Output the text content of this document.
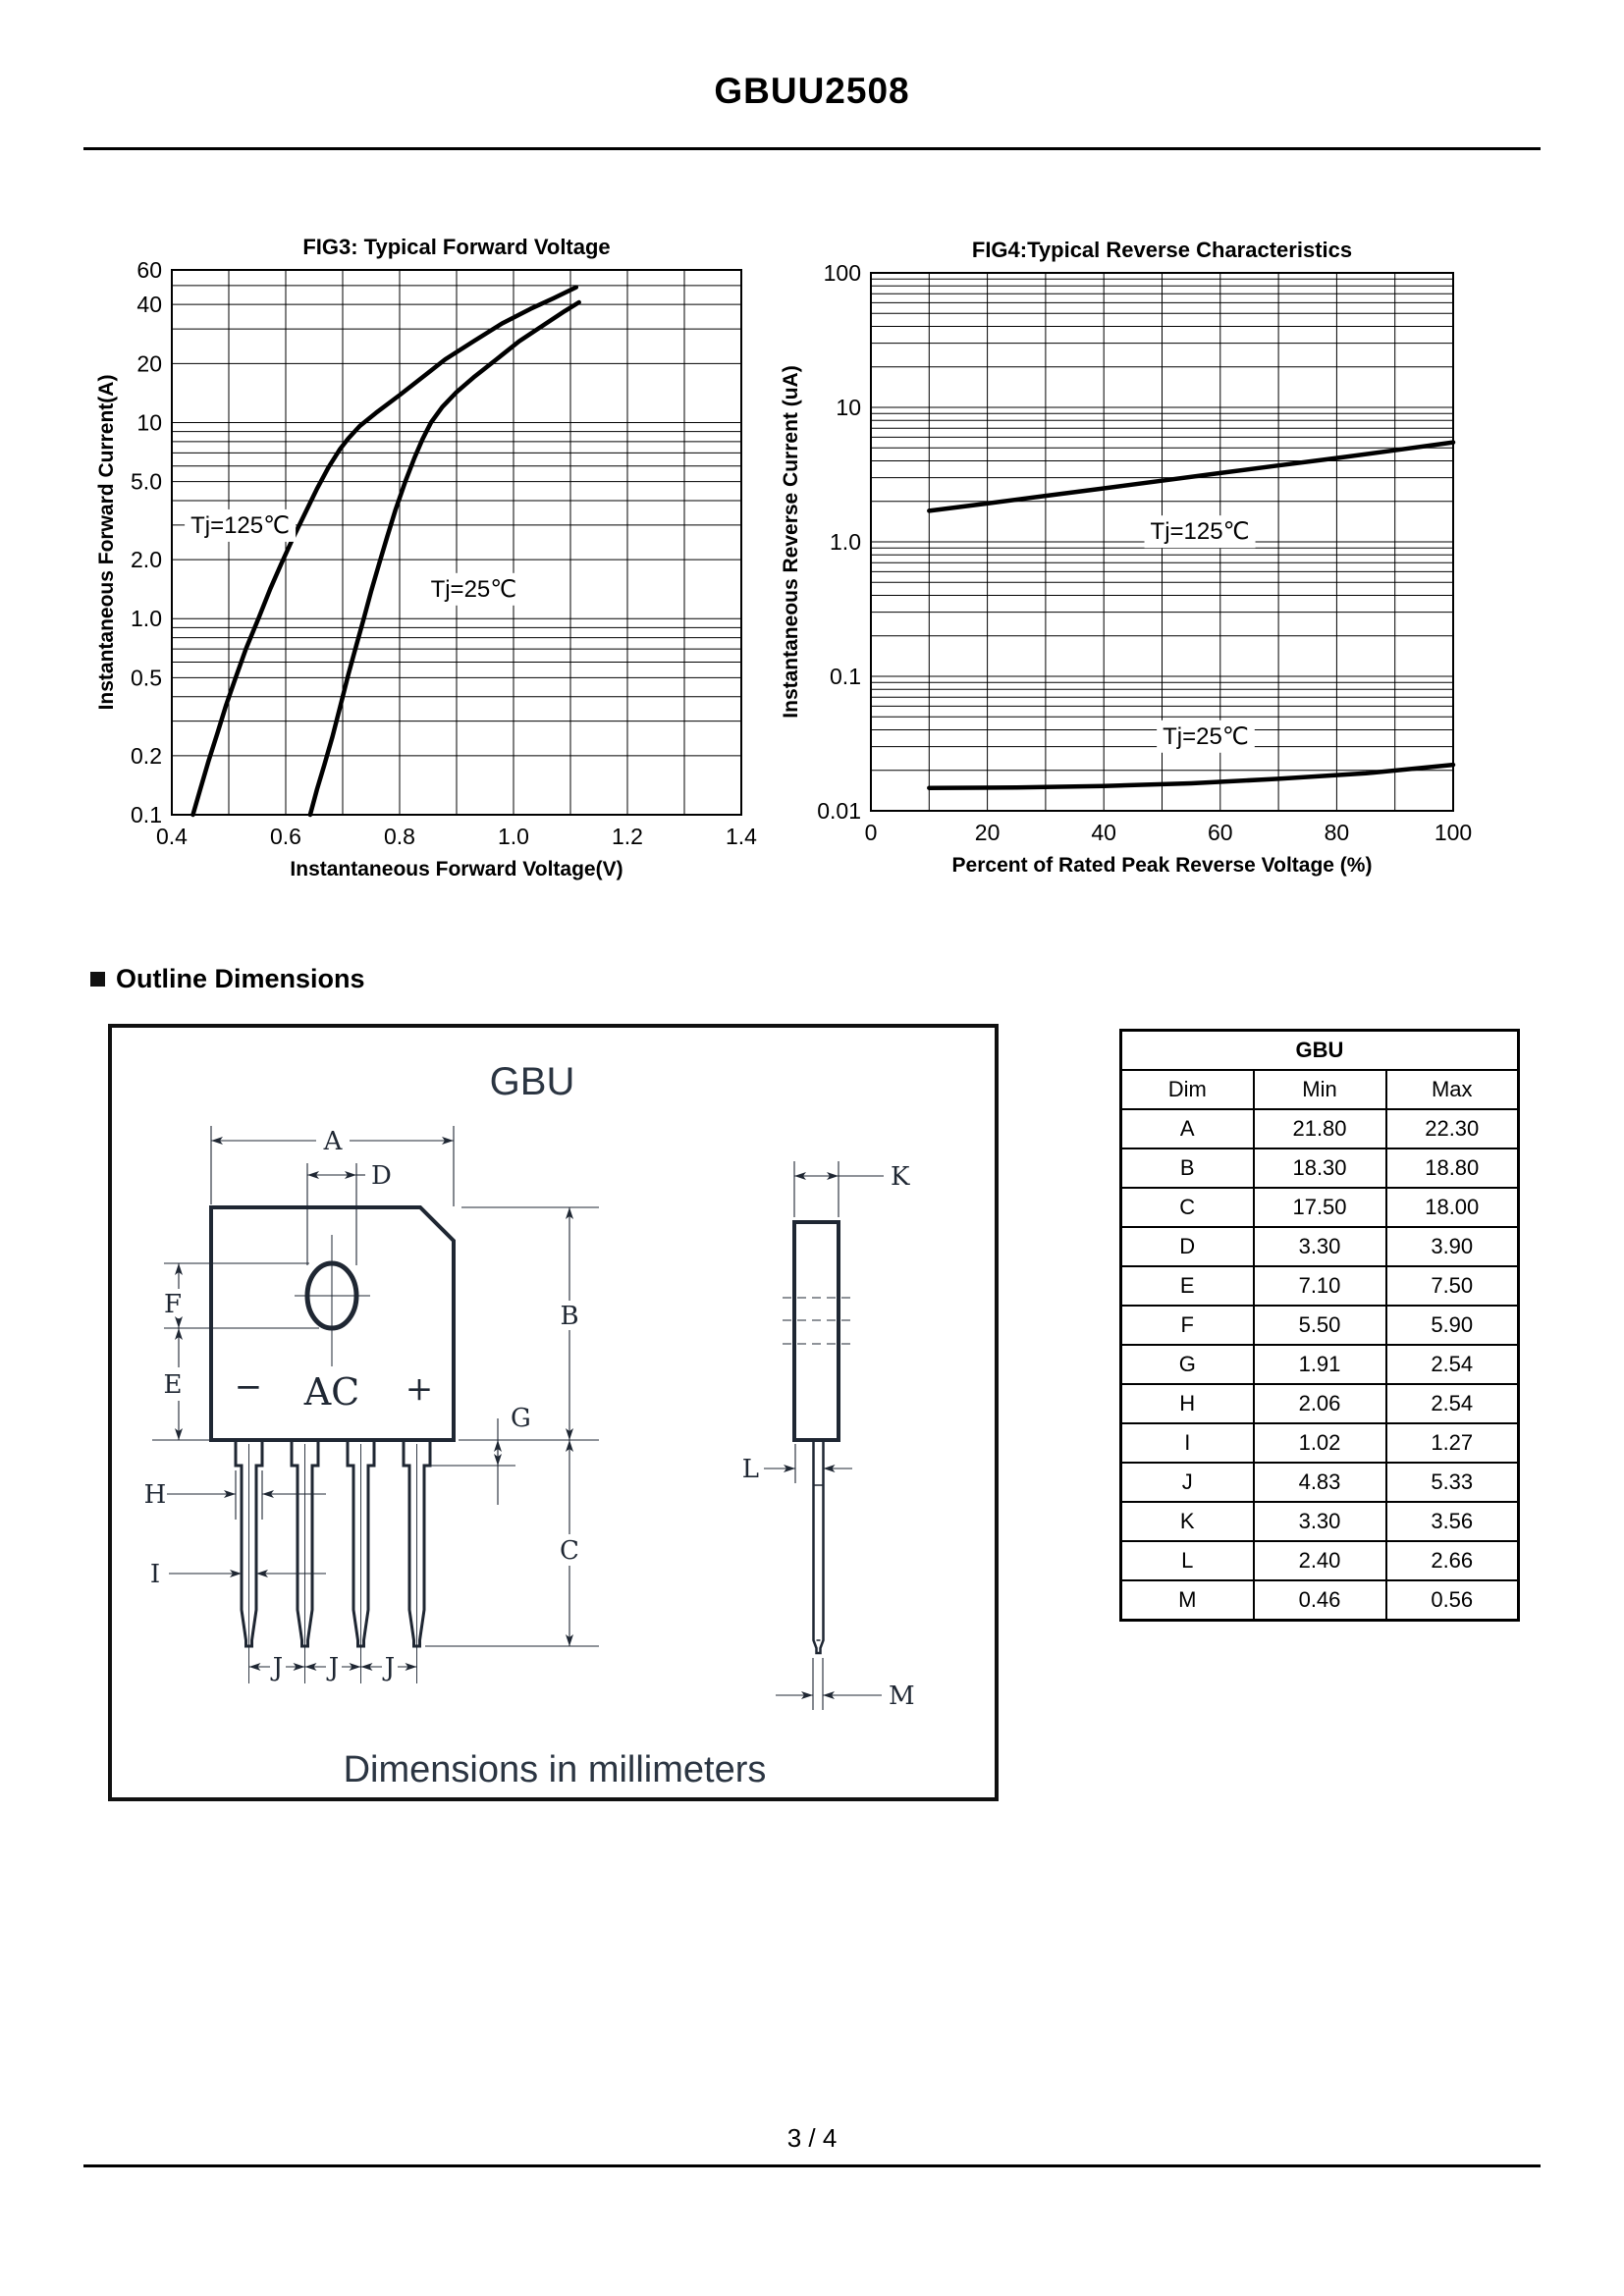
GBUU2508
Tj=125℃
Tj=25℃
0.4	0.6	0.8	1.0	1.2	1.4
60
40
20
10
5.0
2.0
1.0
0.5
0.2
0.1
FIG3: Typical Forward Voltage
Instantaneous Forward Voltage(V)
Instantaneous Forward Current(A)	Tj=125℃
Tj=25℃
0	20	40	60	80	100
100
10
1.0
0.1
0.01
FIG4:Typical Reverse Characteristics
Percent of Rated Peak Reverse Voltage (%)
Instantaneous Reverse Current (uA)
Outline Dimensions
GBU
A
D
F
E
B
C
G
H
I
J J J
− AC +
K
L
M
Dimensions in millimeters
GBU		
Dim	Min	Max
A	21.80	22.30
B	18.30	18.80
C	17.50	18.00
D	3.30	3.90
E	7.10	7.50
F	5.50	5.90
G	1.91	2.54
H	2.06	2.54
I	1.02	1.27
J	4.83	5.33
K	3.30	3.56
L	2.40	2.66
M	0.46	0.56
3 / 4
